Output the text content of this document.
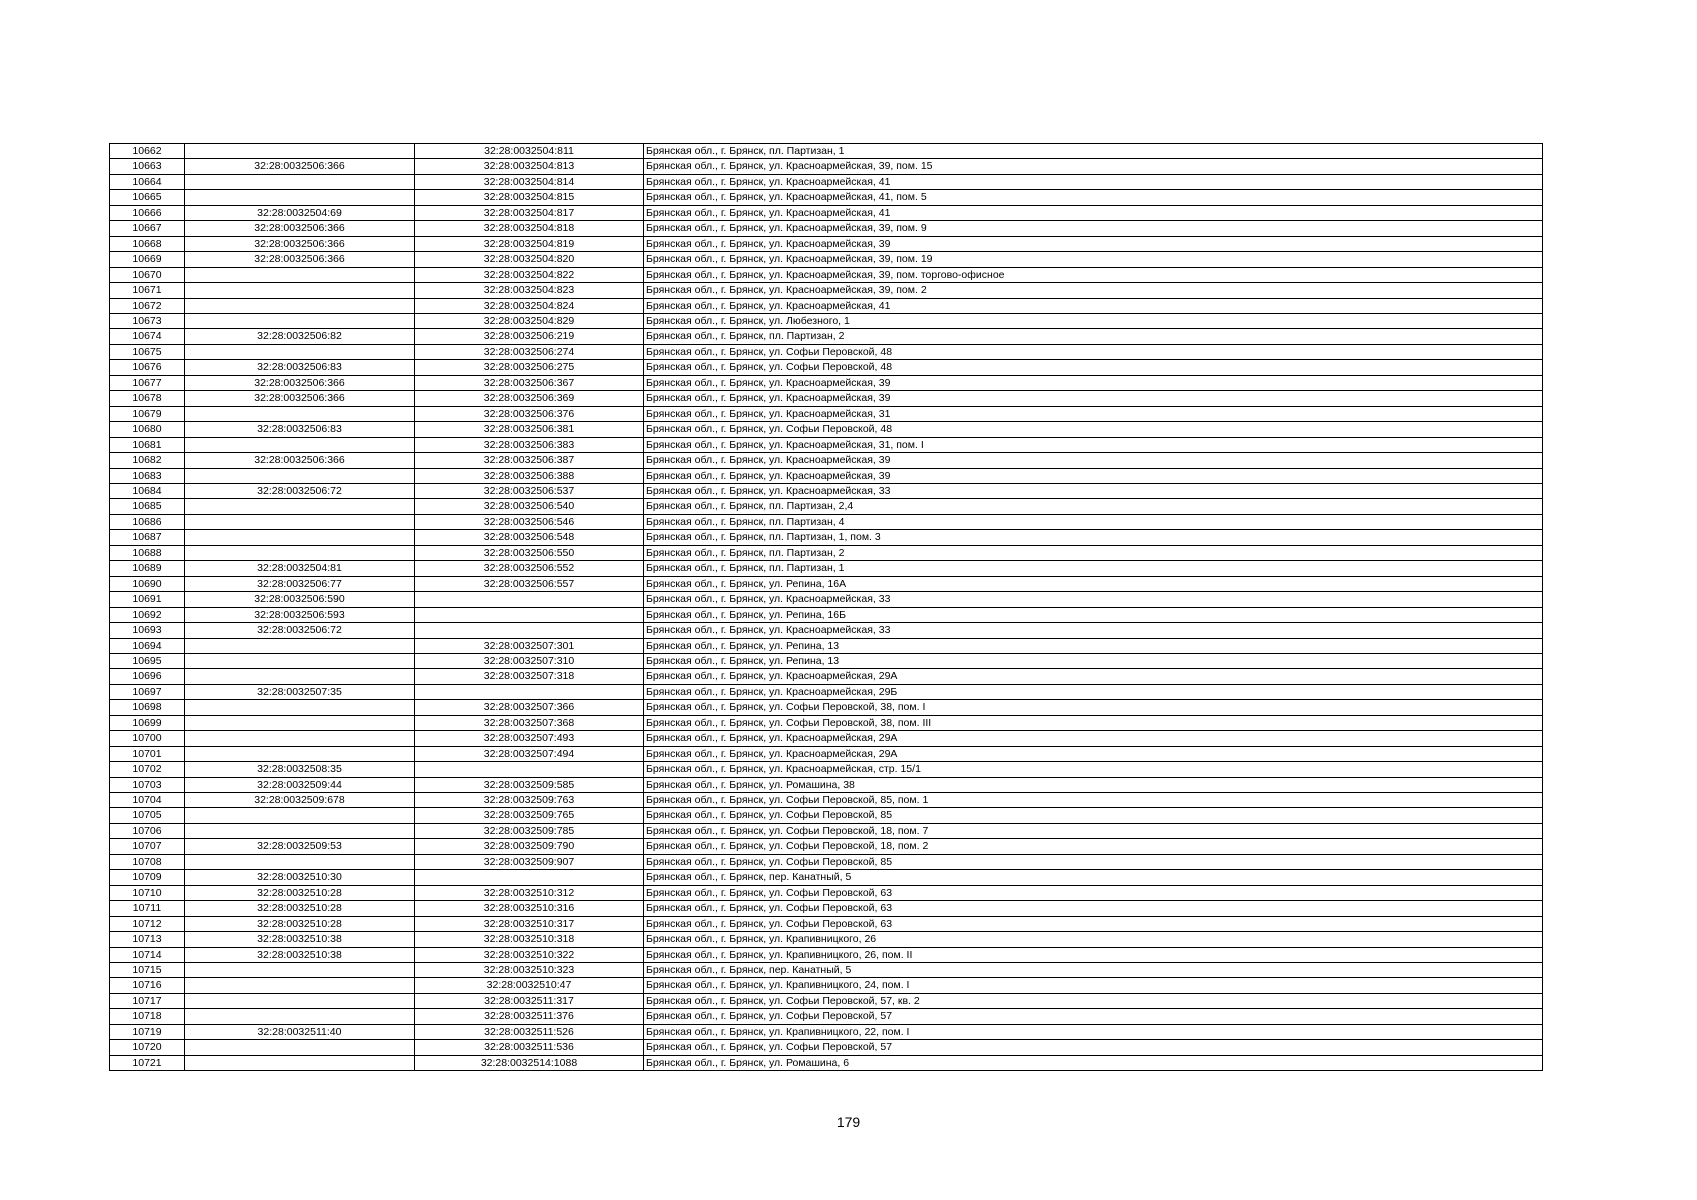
10662		32:28:0032504:811	Брянская обл., г. Брянск, пл. Партизан, 1
10663	32:28:0032506:366	32:28:0032504:813	Брянская обл., г. Брянск, ул. Красноармейская, 39, пом. 15
10664		32:28:0032504:814	Брянская обл., г. Брянск, ул. Красноармейская, 41
10665		32:28:0032504:815	Брянская обл., г. Брянск, ул. Красноармейская, 41, пом. 5
10666	32:28:0032504:69	32:28:0032504:817	Брянская обл., г. Брянск, ул. Красноармейская, 41
10667	32:28:0032506:366	32:28:0032504:818	Брянская обл., г. Брянск, ул. Красноармейская, 39, пом. 9
10668	32:28:0032506:366	32:28:0032504:819	Брянская обл., г. Брянск, ул. Красноармейская, 39
10669	32:28:0032506:366	32:28:0032504:820	Брянская обл., г. Брянск, ул. Красноармейская, 39, пом. 19
10670		32:28:0032504:822	Брянская обл., г. Брянск, ул. Красноармейская, 39, пом. торгово-офисное
10671		32:28:0032504:823	Брянская обл., г. Брянск, ул. Красноармейская, 39, пом. 2
10672		32:28:0032504:824	Брянская обл., г. Брянск, ул. Красноармейская, 41
10673		32:28:0032504:829	Брянская обл., г. Брянск, ул. Любезного, 1
10674	32:28:0032506:82	32:28:0032506:219	Брянская обл., г. Брянск, пл. Партизан, 2
10675		32:28:0032506:274	Брянская обл., г. Брянск, ул. Софьи Перовской, 48
10676	32:28:0032506:83	32:28:0032506:275	Брянская обл., г. Брянск, ул. Софьи Перовской, 48
10677	32:28:0032506:366	32:28:0032506:367	Брянская обл., г. Брянск, ул. Красноармейская, 39
10678	32:28:0032506:366	32:28:0032506:369	Брянская обл., г. Брянск, ул. Красноармейская, 39
10679		32:28:0032506:376	Брянская обл., г. Брянск, ул. Красноармейская, 31
10680	32:28:0032506:83	32:28:0032506:381	Брянская обл., г. Брянск, ул. Софьи Перовской, 48
10681		32:28:0032506:383	Брянская обл., г. Брянск, ул. Красноармейская, 31, пом. I
10682	32:28:0032506:366	32:28:0032506:387	Брянская обл., г. Брянск, ул. Красноармейская, 39
10683		32:28:0032506:388	Брянская обл., г. Брянск, ул. Красноармейская, 39
10684	32:28:0032506:72	32:28:0032506:537	Брянская обл., г. Брянск, ул. Красноармейская, 33
10685		32:28:0032506:540	Брянская обл., г. Брянск, пл. Партизан, 2,4
10686		32:28:0032506:546	Брянская обл., г. Брянск, пл. Партизан, 4
10687		32:28:0032506:548	Брянская обл., г. Брянск, пл. Партизан, 1, пом. 3
10688		32:28:0032506:550	Брянская обл., г. Брянск, пл. Партизан, 2
10689	32:28:0032504:81	32:28:0032506:552	Брянская обл., г. Брянск, пл. Партизан, 1
10690	32:28:0032506:77	32:28:0032506:557	Брянская обл., г. Брянск, ул. Репина, 16А
10691	32:28:0032506:590		Брянская обл., г. Брянск, ул. Красноармейская, 33
10692	32:28:0032506:593		Брянская обл., г. Брянск, ул. Репина, 16Б
10693	32:28:0032506:72		Брянская обл., г. Брянск, ул. Красноармейская, 33
10694		32:28:0032507:301	Брянская обл., г. Брянск, ул. Репина, 13
10695		32:28:0032507:310	Брянская обл., г. Брянск, ул. Репина, 13
10696		32:28:0032507:318	Брянская обл., г. Брянск, ул. Красноармейская, 29А
10697	32:28:0032507:35		Брянская обл., г. Брянск, ул. Красноармейская, 29Б
10698		32:28:0032507:366	Брянская обл., г. Брянск, ул. Софьи Перовской, 38, пом. I
10699		32:28:0032507:368	Брянская обл., г. Брянск, ул. Софьи Перовской, 38, пом. III
10700		32:28:0032507:493	Брянская обл., г. Брянск, ул. Красноармейская, 29А
10701		32:28:0032507:494	Брянская обл., г. Брянск, ул. Красноармейская, 29А
10702	32:28:0032508:35		Брянская обл., г. Брянск, ул. Красноармейская, стр. 15/1
10703	32:28:0032509:44	32:28:0032509:585	Брянская обл., г. Брянск, ул. Ромашина, 38
10704	32:28:0032509:678	32:28:0032509:763	Брянская обл., г. Брянск, ул. Софьи Перовской, 85, пом. 1
10705		32:28:0032509:765	Брянская обл., г. Брянск, ул. Софьи Перовской, 85
10706		32:28:0032509:785	Брянская обл., г. Брянск, ул. Софьи Перовской, 18, пом. 7
10707	32:28:0032509:53	32:28:0032509:790	Брянская обл., г. Брянск, ул. Софьи Перовской, 18, пом. 2
10708		32:28:0032509:907	Брянская обл., г. Брянск, ул. Софьи Перовской, 85
10709	32:28:0032510:30		Брянская обл., г. Брянск, пер. Канатный, 5
10710	32:28:0032510:28	32:28:0032510:312	Брянская обл., г. Брянск, ул. Софьи Перовской, 63
10711	32:28:0032510:28	32:28:0032510:316	Брянская обл., г. Брянск, ул. Софьи Перовской, 63
10712	32:28:0032510:28	32:28:0032510:317	Брянская обл., г. Брянск, ул. Софьи Перовской, 63
10713	32:28:0032510:38	32:28:0032510:318	Брянская обл., г. Брянск, ул. Крапивницкого, 26
10714	32:28:0032510:38	32:28:0032510:322	Брянская обл., г. Брянск, ул. Крапивницкого, 26, пом. II
10715		32:28:0032510:323	Брянская обл., г. Брянск, пер. Канатный, 5
10716		32:28:0032510:47	Брянская обл., г. Брянск, ул. Крапивницкого, 24, пом. I
10717		32:28:0032511:317	Брянская обл., г. Брянск, ул. Софьи Перовской, 57, кв. 2
10718		32:28:0032511:376	Брянская обл., г. Брянск, ул. Софьи Перовской, 57
10719	32:28:0032511:40	32:28:0032511:526	Брянская обл., г. Брянск, ул. Крапивницкого, 22, пом. I
10720		32:28:0032511:536	Брянская обл., г. Брянск, ул. Софьи Перовской, 57
10721		32:28:0032514:1088	Брянская обл., г. Брянск, ул. Ромашина, 6
179
